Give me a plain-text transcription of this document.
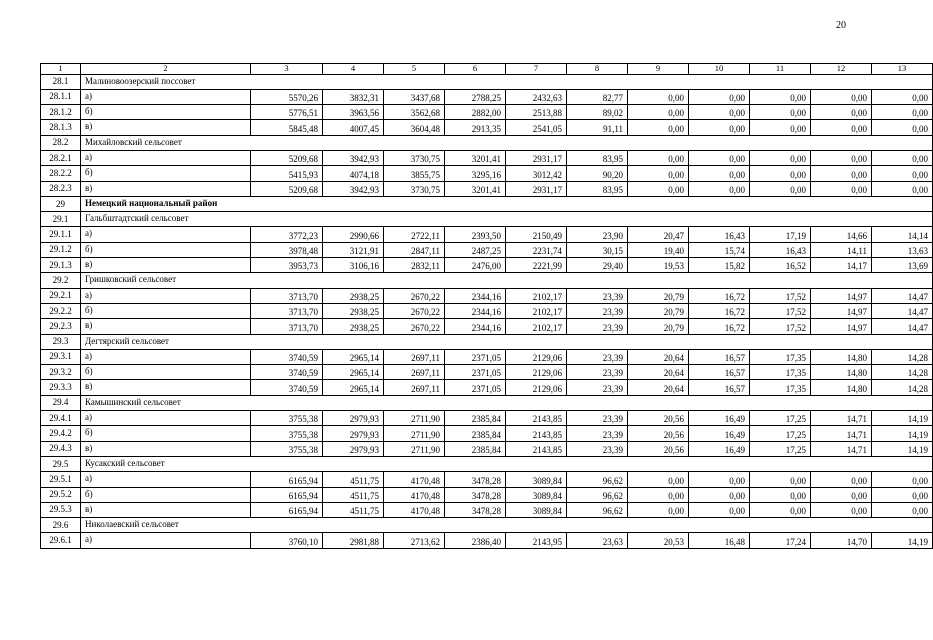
20
1	2	3	4	5	6	7	8	9	10	11	12	13
28.1	Малиновоозерский поссовет											
28.1.1	а)	5570,26	3832,31	3437,68	2788,25	2432,63	82,77	0,00	0,00	0,00	0,00	0,00
28.1.2	б)	5776,51	3963,56	3562,68	2882,00	2513,88	89,02	0,00	0,00	0,00	0,00	0,00
28.1.3	в)	5845,48	4007,45	3604,48	2913,35	2541,05	91,11	0,00	0,00	0,00	0,00	0,00
28.2	Михайловский сельсовет											
28.2.1	а)	5209,68	3942,93	3730,75	3201,41	2931,17	83,95	0,00	0,00	0,00	0,00	0,00
28.2.2	б)	5415,93	4074,18	3855,75	3295,16	3012,42	90,20	0,00	0,00	0,00	0,00	0,00
28.2.3	в)	5209,68	3942,93	3730,75	3201,41	2931,17	83,95	0,00	0,00	0,00	0,00	0,00
29	Немецкий национальный район											
29.1	Гальбштадтский сельсовет											
29.1.1	а)	3772,23	2990,66	2722,11	2393,50	2150,49	23,90	20,47	16,43	17,19	14,66	14,14
29.1.2	б)	3978,48	3121,91	2847,11	2487,25	2231,74	30,15	19,40	15,74	16,43	14,11	13,63
29.1.3	в)	3953,73	3106,16	2832,11	2476,00	2221,99	29,40	19,53	15,82	16,52	14,17	13,69
29.2	Гришковский сельсовет											
29.2.1	а)	3713,70	2938,25	2670,22	2344,16	2102,17	23,39	20,79	16,72	17,52	14,97	14,47
29.2.2	б)	3713,70	2938,25	2670,22	2344,16	2102,17	23,39	20,79	16,72	17,52	14,97	14,47
29.2.3	в)	3713,70	2938,25	2670,22	2344,16	2102,17	23,39	20,79	16,72	17,52	14,97	14,47
29.3	Дегтярский сельсовет											
29.3.1	а)	3740,59	2965,14	2697,11	2371,05	2129,06	23,39	20,64	16,57	17,35	14,80	14,28
29.3.2	б)	3740,59	2965,14	2697,11	2371,05	2129,06	23,39	20,64	16,57	17,35	14,80	14,28
29.3.3	в)	3740,59	2965,14	2697,11	2371,05	2129,06	23,39	20,64	16,57	17,35	14,80	14,28
29.4	Камышинский сельсовет											
29.4.1	а)	3755,38	2979,93	2711,90	2385,84	2143,85	23,39	20,56	16,49	17,25	14,71	14,19
29.4.2	б)	3755,38	2979,93	2711,90	2385,84	2143,85	23,39	20,56	16,49	17,25	14,71	14,19
29.4.3	в)	3755,38	2979,93	2711,90	2385,84	2143,85	23,39	20,56	16,49	17,25	14,71	14,19
29.5	Кусакский сельсовет											
29.5.1	а)	6165,94	4511,75	4170,48	3478,28	3089,84	96,62	0,00	0,00	0,00	0,00	0,00
29.5.2	б)	6165,94	4511,75	4170,48	3478,28	3089,84	96,62	0,00	0,00	0,00	0,00	0,00
29.5.3	в)	6165,94	4511,75	4170,48	3478,28	3089,84	96,62	0,00	0,00	0,00	0,00	0,00
29.6	Николаевский сельсовет											
29.6.1	а)	3760,10	2981,88	2713,62	2386,40	2143,95	23,63	20,53	16,48	17,24	14,70	14,19
